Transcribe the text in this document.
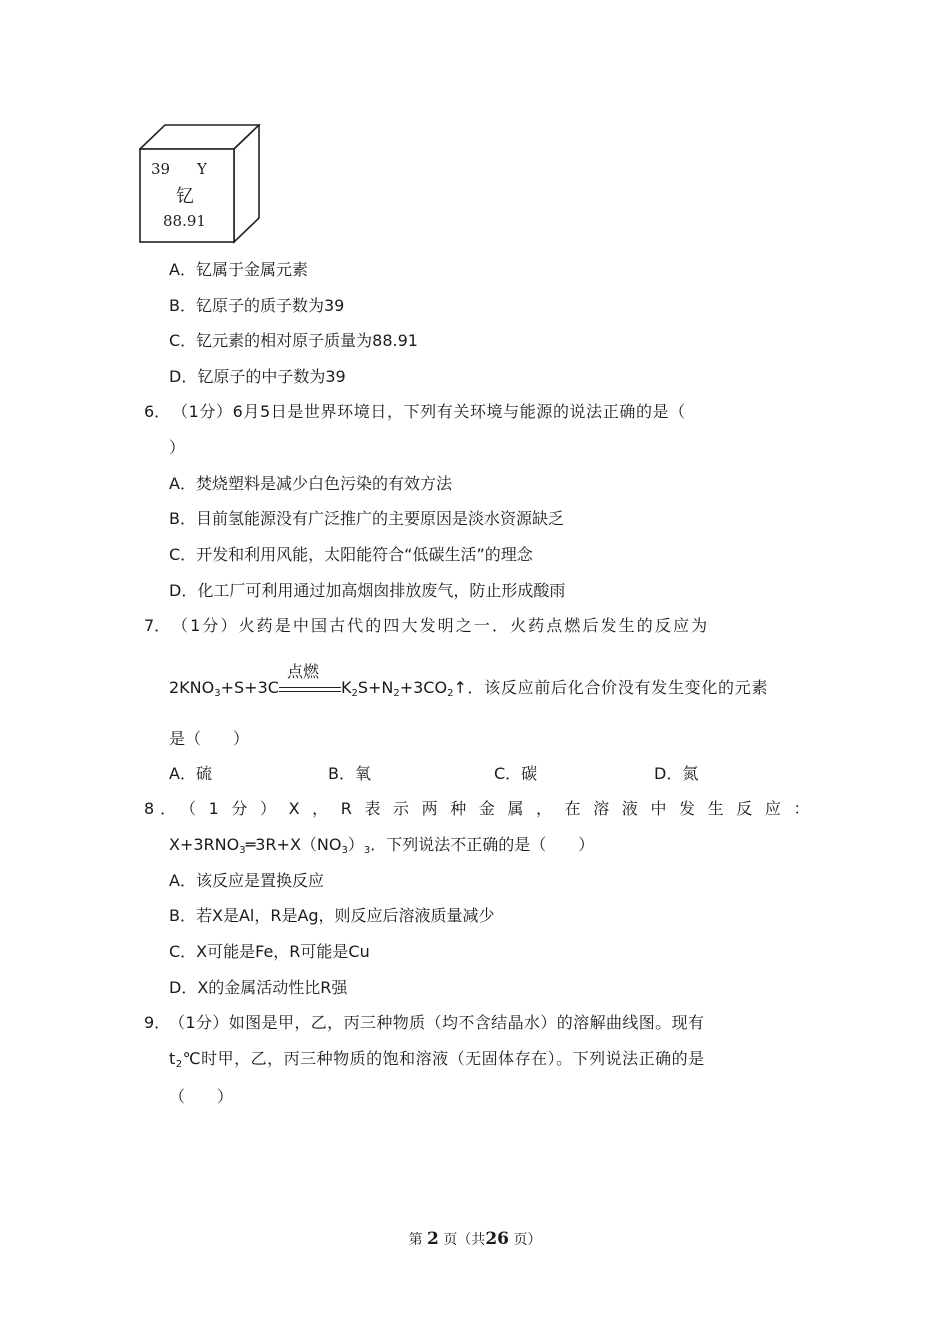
39 Y
钇
88.91
A．钇属于金属元素
B．钇原子的质子数为39
C．钇元素的相对原子质量为88.91
D．钇原子的中子数为39
6． （1分）6月5日是世界环境日，下列有关环境与能源的说法正确的是（
）
A．焚烧塑料是减少白色污染的有效方法
B．目前氢能源没有广泛推广的主要原因是淡水资源缺乏
C．开发和利用风能，太阳能符合“低碳生活”的理念
D．化工厂可利用通过加高烟囱排放废气，防止形成酸雨
7． （1分）火药是中国古代的四大发明之一．火药点燃后发生的反应为
$2KNO_3+S+3C$
点燃
$K_2S+N_2+3CO_2↑$．该反应前后化合价没有发生变化的元素
是（　　）
A．硫	B．氧	C．碳	D．氮
8．
（1分）X，R表示两种金属，在溶液中发生反应：
$X+3RNO_3═3R+X(NO_3)_3$．下列说法不正确的是（　　）
A．该反应是置换反应
B．若X是Al，R是Ag，则反应后溶液质量减少
C．X可能是Fe，R可能是Cu
D．X的金属活动性比R强
9．
（1分）如图是甲，乙，丙三种物质（均不含结晶水）的溶解曲线图。现有
$t_2℃$时甲，乙，丙三种物质的饱和溶液（无固体存在）。下列说法正确的是
（　　）
第 2 页（共26 页）
